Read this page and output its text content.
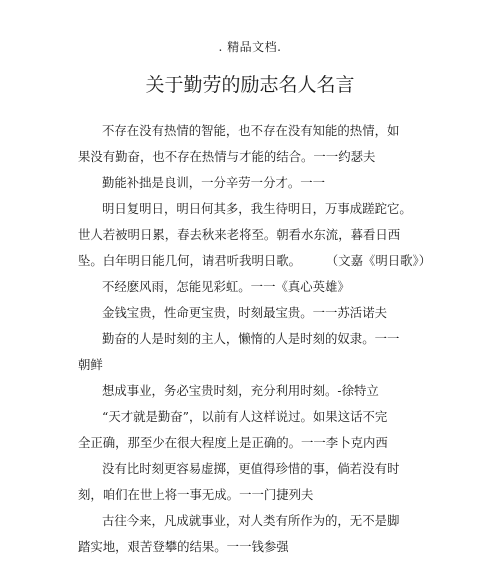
. 精品文档.
关于勤劳的励志名人名言
不存在没有热情的智能，也不存在没有知能的热情，如
果没有勤奋，也不存在热情与才能的结合。一一约瑟夫
勤能补拙是良训，一分辛劳一分才。一一
明日复明日，明日何其多，我生待明日，万事成蹉跎它。
世人若被明日累，春去秋来老将至。朝看水东流，暮看日西
坠。白年明日能几何，请君听我明日歌。　　　（文嘉《明日歌》）
不经麽风雨，怎能见彩虹。一一《真心英雄》
金钱宝贵，性命更宝贵，时刻最宝贵。一一苏活诺夫
勤奋的人是时刻的主人，懒惰的人是时刻的奴隶。一一
朝鲜
想成事业，务必宝贵时刻，充分利用时刻。-徐特立
“天才就是勤奋”，以前有人这样说过。如果这话不完
全正确，那至少在很大程度上是正确的。一一李卜克内西
没有比时刻更容易虚掷，更值得珍惜的事，倘若没有时
刻，咱们在世上将一事无成。一一门捷列夫
古往今来，凡成就事业，对人类有所作为的，无不是脚
踏实地，艰苦登攀的结果。一一钱参强
